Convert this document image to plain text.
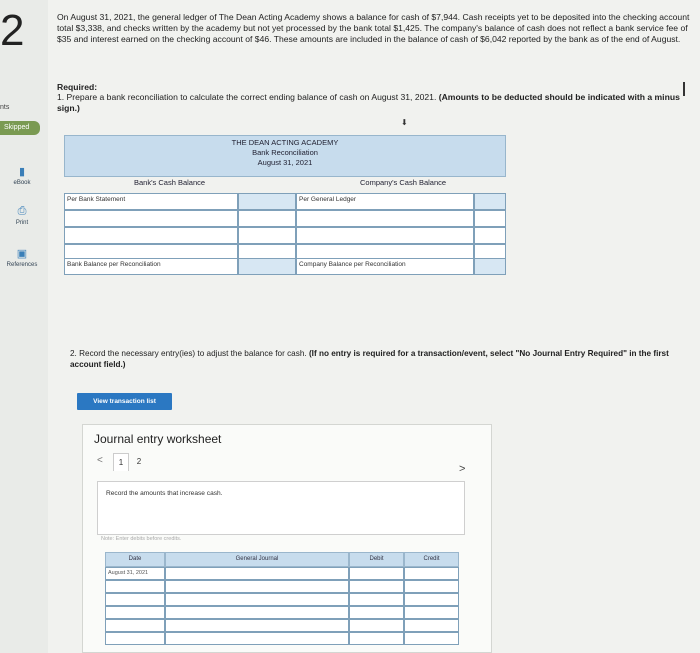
2
nts
Skipped
▮
eBook
⎙
Print
▣
References
On August 31, 2021, the general ledger of The Dean Acting Academy shows a balance for cash of $7,944. Cash receipts yet to be deposited into the checking account total $3,338, and checks written by the academy but not yet processed by the bank total $1,425. The company's balance of cash does not reflect a bank service fee of $35 and interest earned on the checking account of $46. These amounts are included in the balance of cash of $6,042 reported by the bank as of the end of August.
Required:
1. Prepare a bank reconciliation to calculate the correct ending balance of cash on August 31, 2021. (Amounts to be deducted should be indicated with a minus sign.)
⬇
THE DEAN ACTING ACADEMY
Bank Reconciliation
August 31, 2021
Bank's Cash Balance	Company's Cash Balance
Per Bank Statement	Per General Ledger
Bank Balance per Reconciliation	Company Balance per Reconciliation
2. Record the necessary entry(ies) to adjust the balance for cash. (If no entry is required for a transaction/event, select "No Journal Entry Required" in the first account field.)
View transaction list
Journal entry worksheet
<	1	2
>
Record the amounts that increase cash.
Note: Enter debits before credits.
Date	General Journal	Debit	Credit
August 31, 2021
